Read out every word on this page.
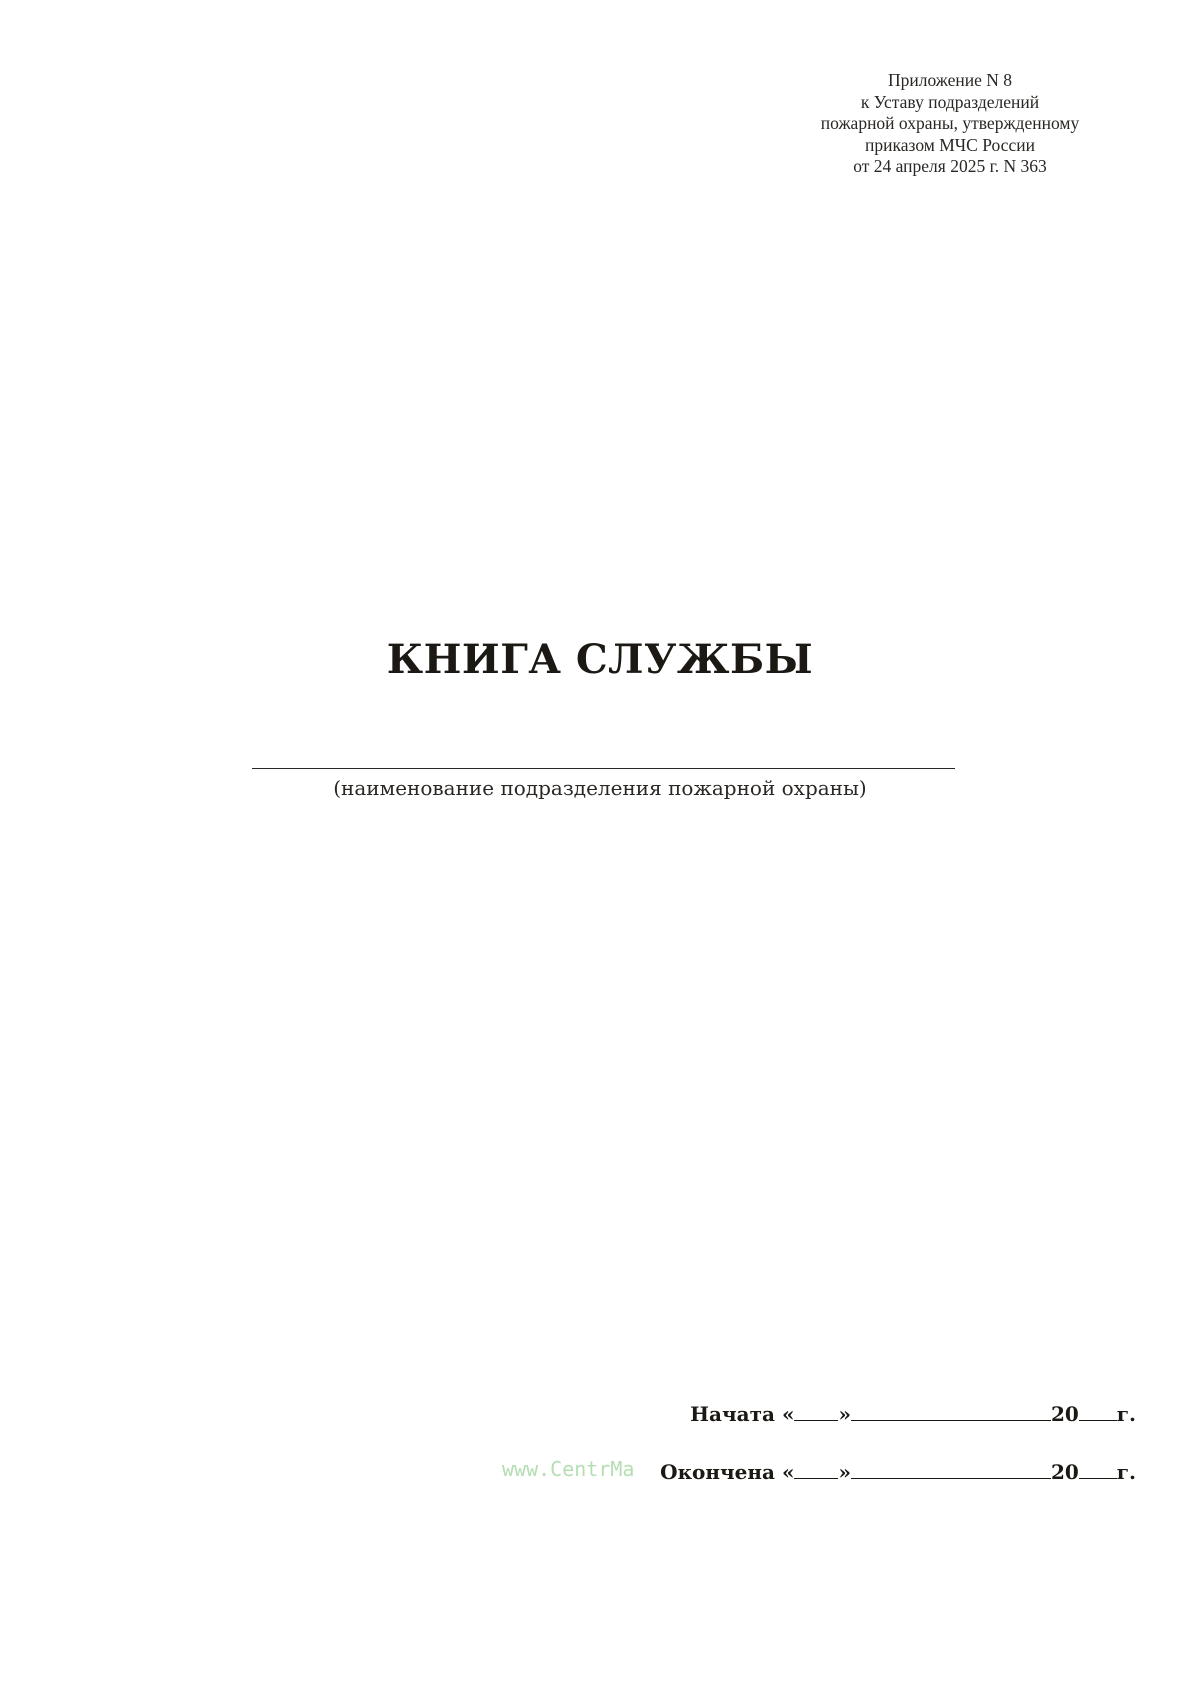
Приложение N 8
к Уставу подразделений
пожарной охраны, утвержденному
приказом МЧС России
от 24 апреля 2025 г. N 363
КНИГА СЛУЖБЫ
(наименование подразделения пожарной охраны)
www.CentrMa
Начата « »	20 г.
Окончена « »	20 г.
